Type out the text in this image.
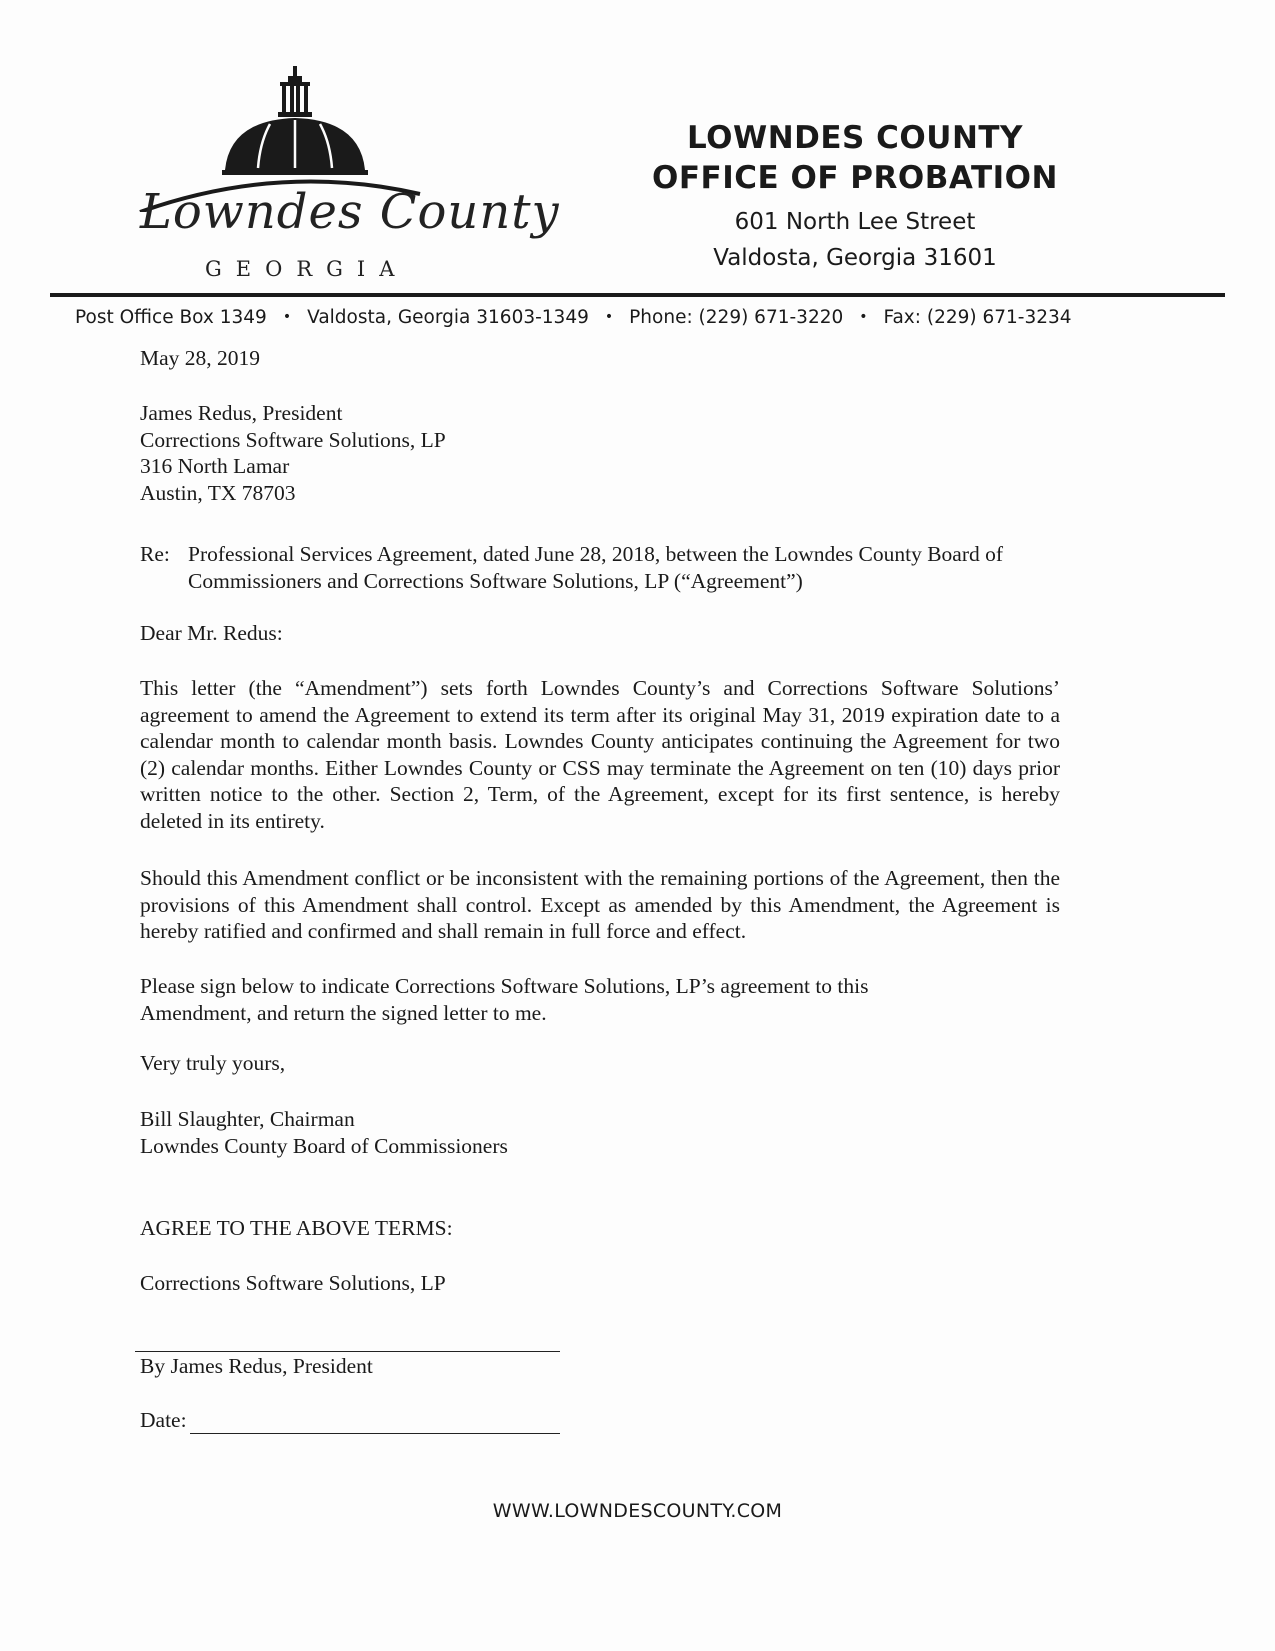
Lowndes County
GEORGIA
LOWNDES COUNTY
OFFICE OF PROBATION
601 North Lee Street
Valdosta, Georgia 31601
Post Office Box 1349 • Valdosta, Georgia 31603-1349 • Phone: (229) 671-3220 • Fax: (229) 671-3234
May 28, 2019
James Redus, President
Corrections Software Solutions, LP
316 North Lamar
Austin, TX 78703
Re: Professional Services Agreement, dated June 28, 2018, between the Lowndes County Board of Commissioners and Corrections Software Solutions, LP (“Agreement”)
Dear Mr. Redus:
This letter (the “Amendment”) sets forth Lowndes County’s and Corrections Software Solutions’ agreement to amend the Agreement to extend its term after its original May 31, 2019 expiration date to a calendar month to calendar month basis. Lowndes County anticipates continuing the Agreement for two (2) calendar months. Either Lowndes County or CSS may terminate the Agreement on ten (10) days prior written notice to the other. Section 2, Term, of the Agreement, except for its first sentence, is hereby deleted in its entirety.
Should this Amendment conflict or be inconsistent with the remaining portions of the Agreement, then the provisions of this Amendment shall control. Except as amended by this Amendment, the Agreement is hereby ratified and confirmed and shall remain in full force and effect.
Please sign below to indicate Corrections Software Solutions, LP’s agreement to this Amendment, and return the signed letter to me.
Very truly yours,
Bill Slaughter, Chairman
Lowndes County Board of Commissioners
AGREE TO THE ABOVE TERMS:
Corrections Software Solutions, LP
By James Redus, President
Date:
WWW.LOWNDESCOUNTY.COM
